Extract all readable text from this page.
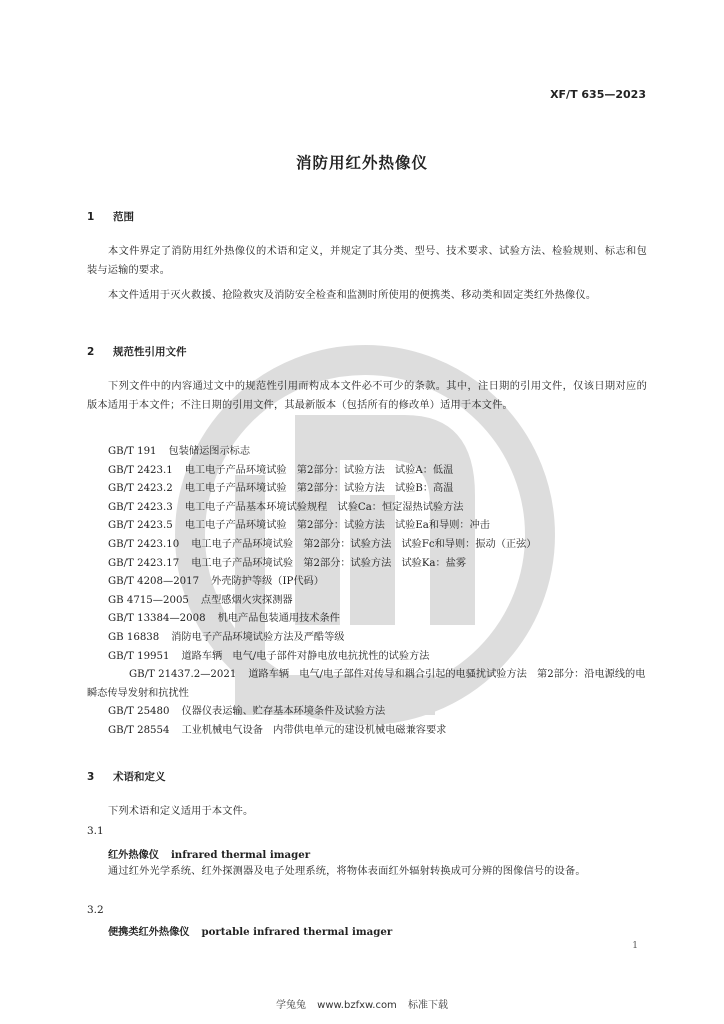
XF/T 635—2023
消防用红外热像仪
1 范围
本文件界定了消防用红外热像仪的术语和定义，并规定了其分类、型号、技术要求、试验方法、检验规则、标志和包装与运输的要求。
本文件适用于灭火救援、抢险救灾及消防安全检查和监测时所使用的便携类、移动类和固定类红外热像仪。
2 规范性引用文件
下列文件中的内容通过文中的规范性引用而构成本文件必不可少的条款。其中，注日期的引用文件，仅该日期对应的版本适用于本文件；不注日期的引用文件，其最新版本（包括所有的修改单）适用于本文件。
GB/T 191 包装储运图示标志
GB/T 2423.1 电工电子产品环境试验　第2部分：试验方法　试验A：低温
GB/T 2423.2 电工电子产品环境试验　第2部分：试验方法　试验B：高温
GB/T 2423.3 电工电子产品基本环境试验规程　试验Ca：恒定湿热试验方法
GB/T 2423.5 电工电子产品环境试验　第2部分：试验方法　试验Ea和导则：冲击
GB/T 2423.10 电工电子产品环境试验　第2部分：试验方法　试验Fc和导则：振动（正弦）
GB/T 2423.17 电工电子产品环境试验　第2部分：试验方法　试验Ka：盐雾
GB/T 4208—2017 外壳防护等级（IP代码）
GB 4715—2005 点型感烟火灾探测器
GB/T 13384—2008 机电产品包装通用技术条件
GB 16838 消防电子产品环境试验方法及严酷等级
GB/T 19951 道路车辆　电气/电子部件对静电放电抗扰性的试验方法
GB/T 21437.2—2021 道路车辆　电气/电子部件对传导和耦合引起的电骚扰试验方法　第2部分：沿电源线的电瞬态传导发射和抗扰性
GB/T 25480 仪器仪表运输、贮存基本环境条件及试验方法
GB/T 28554 工业机械电气设备　内带供电单元的建设机械电磁兼容要求
3 术语和定义
下列术语和定义适用于本文件。
3.1
红外热像仪 infrared thermal imager
通过红外光学系统、红外探测器及电子处理系统，将物体表面红外辐射转换成可分辨的图像信号的设备。
3.2
便携类红外热像仪 portable infrared thermal imager
1
学兔兔 www.bzfxw.com 标准下载
